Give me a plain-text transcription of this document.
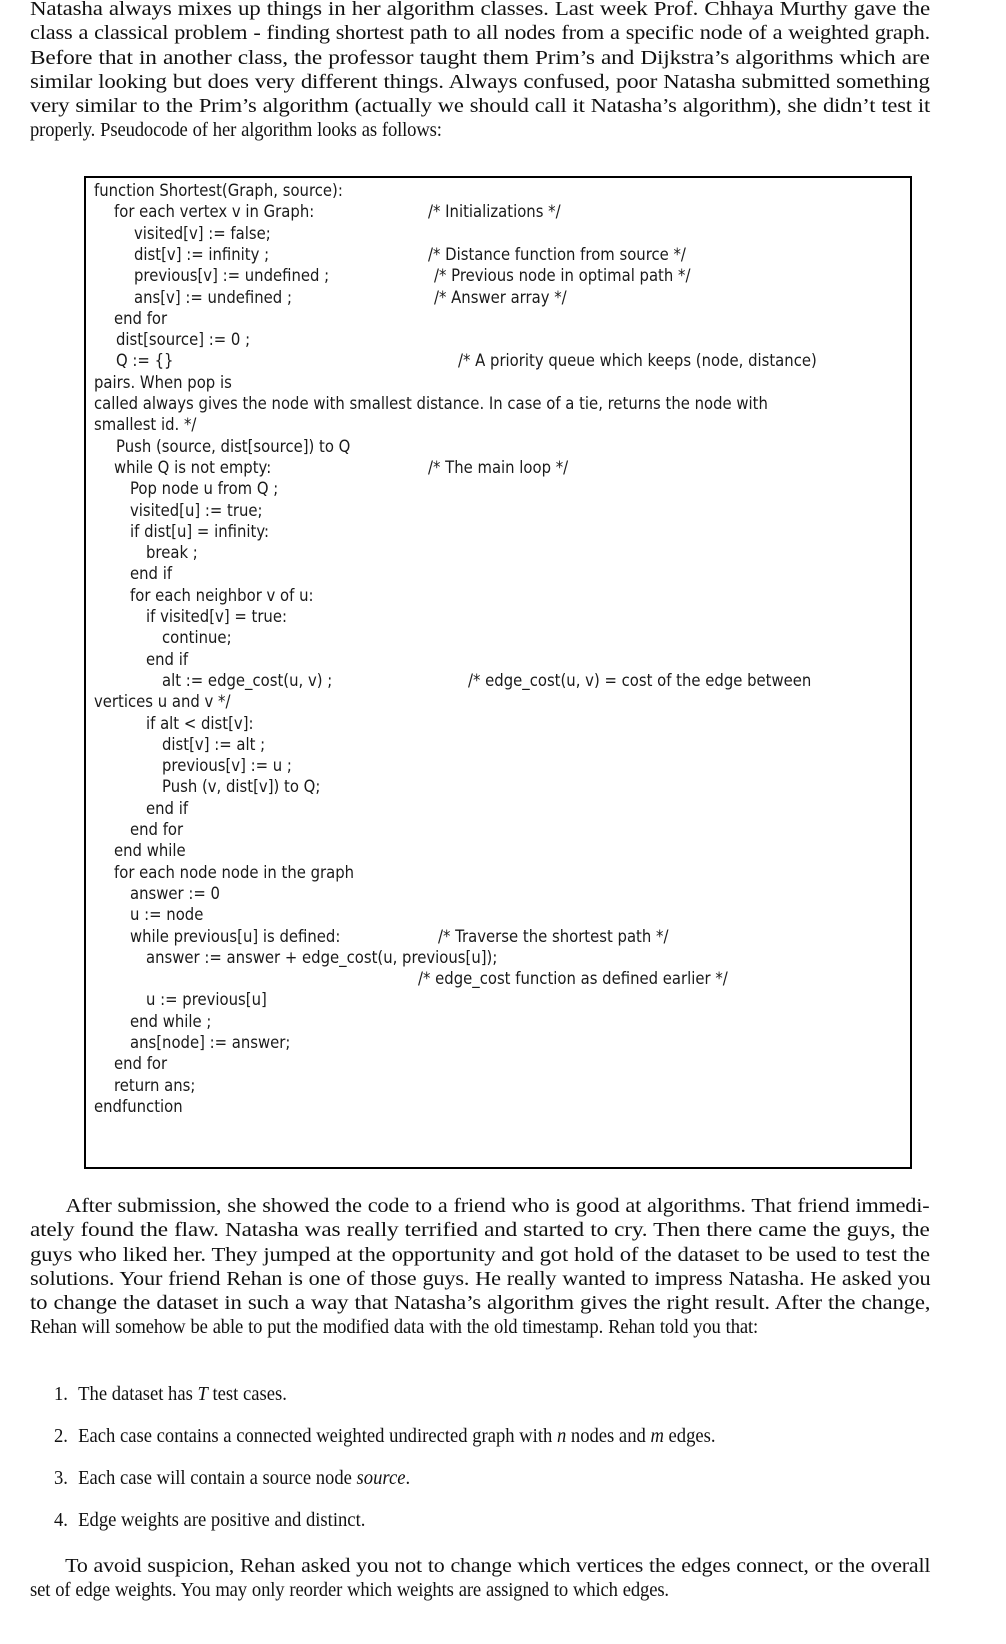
Natasha always mixes up things in her algorithm classes. Last week Prof. Chhaya Murthy gave the
class a classical problem - finding shortest path to all nodes from a specific node of a weighted graph.
Before that in another class, the professor taught them Prim’s and Dijkstra’s algorithms which are
similar looking but does very different things. Always confused, poor Natasha submitted something
very similar to the Prim’s algorithm (actually we should call it Natasha’s algorithm), she didn’t test it
properly. Pseudocode of her algorithm looks as follows:
function Shortest(Graph, source):
for each vertex v in Graph:
visited[v] := false;
dist[v] := infinity ;
previous[v] := undefined ;
ans[v] := undefined ;
end for
dist[source] := 0 ;
Q := {}
pairs. When pop is
called always gives the node with smallest distance. In case of a tie, returns the node with
smallest id. */
Push (source, dist[source]) to Q
while Q is not empty:
Pop node u from Q ;
visited[u] := true;
if dist[u] = infinity:
break ;
end if
for each neighbor v of u:
if visited[v] = true:
continue;
end if
alt := edge_cost(u, v) ;
vertices u and v */
if alt < dist[v]:
dist[v] := alt ;
previous[v] := u ;
Push (v, dist[v]) to Q;
end if
end for
end while
for each node node in the graph
answer := 0
u := node
while previous[u] is defined:
answer := answer + edge_cost(u, previous[u]);
u := previous[u]
end while ;
ans[node] := answer;
end for
return ans;
endfunction
/* Initializations */
/* Distance function from source */
/* Previous node in optimal path */
/* Answer array */
/* A priority queue which keeps (node, distance)
/* The main loop */
/* edge_cost(u, v) = cost of the edge between
/* Traverse the shortest path */
/* edge_cost function as defined earlier */
After submission, she showed the code to a friend who is good at algorithms. That friend immedi-
ately found the flaw. Natasha was really terrified and started to cry. Then there came the guys, the
guys who liked her. They jumped at the opportunity and got hold of the dataset to be used to test the
solutions. Your friend Rehan is one of those guys. He really wanted to impress Natasha. He asked you
to change the dataset in such a way that Natasha’s algorithm gives the right result. After the change,
Rehan will somehow be able to put the modified data with the old timestamp. Rehan told you that:
1. The dataset has T test cases.
2. Each case contains a connected weighted undirected graph with n nodes and m edges.
3. Each case will contain a source node source.
4. Edge weights are positive and distinct.
To avoid suspicion, Rehan asked you not to change which vertices the edges connect, or the overall
set of edge weights. You may only reorder which weights are assigned to which edges.
